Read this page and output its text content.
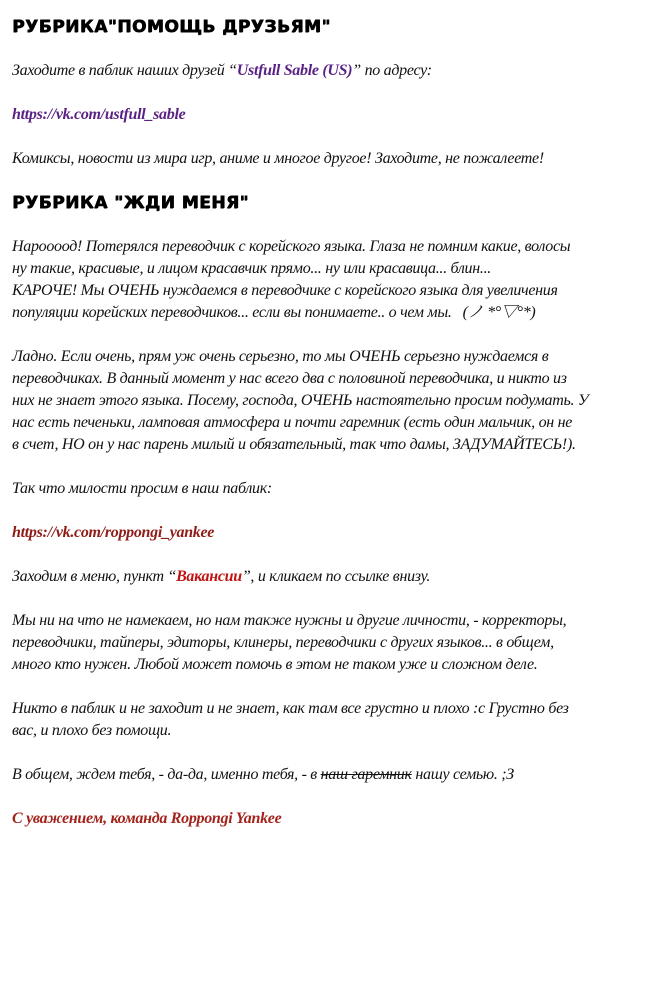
РУБРИКА"ПОМОЩЬ ДРУЗЬЯМ"
Заходите в паблик наших друзей “Ustfull Sable (US)” по адресу:
https://vk.com/ustfull_sable
Комиксы, новости из мира игр, аниме и многое другое! Заходите, не пожалеете!
РУБРИКА "ЖДИ МЕНЯ"
Нароооод! Потерялся переводчик с корейского языка. Глаза не помним какие, волосы
ну такие, красивые, и лицом красавчик прямо... ну или красавица... блин...
КАРОЧЕ! Мы ОЧЕНЬ нуждаемся в переводчике с корейского языка для увеличения
популяции корейских переводчиков... если вы понимаете.. о чем мы.   (ノ *°▽°*)
Ладно. Если очень, прям уж очень серьезно, то мы ОЧЕНЬ серьезно нуждаемся в
переводчиках. В данный момент у нас всего два с половиной переводчика, и никто из
них не знает этого языка. Посему, господа, ОЧЕНЬ настоятельно просим подумать. У
нас есть печеньки, ламповая атмосфера и почти гаремник (есть один мальчик, он не
в счет, НО он у нас парень милый и обязательный, так что дамы, ЗАДУМАЙТЕСЬ!).
Так что милости просим в наш паблик:
https://vk.com/roppongi_yankee
Заходим в меню, пункт “Вакансии”, и кликаем по ссылке внизу.
Мы ни на что не намекаем, но нам также нужны и другие личности, - корректоры,
переводчики, тайперы, эдиторы, клинеры, переводчики с других языков... в общем,
много кто нужен. Любой может помочь в этом не таком уже и сложном деле.
Никто в паблик и не заходит и не знает, как там все грустно и плохо :с Грустно без
вас, и плохо без помощи.
В общем, ждем тебя, - да-да, именно тебя, - в наш гаремник нашу семью. ;З
С уважением, команда Roppongi Yankee
